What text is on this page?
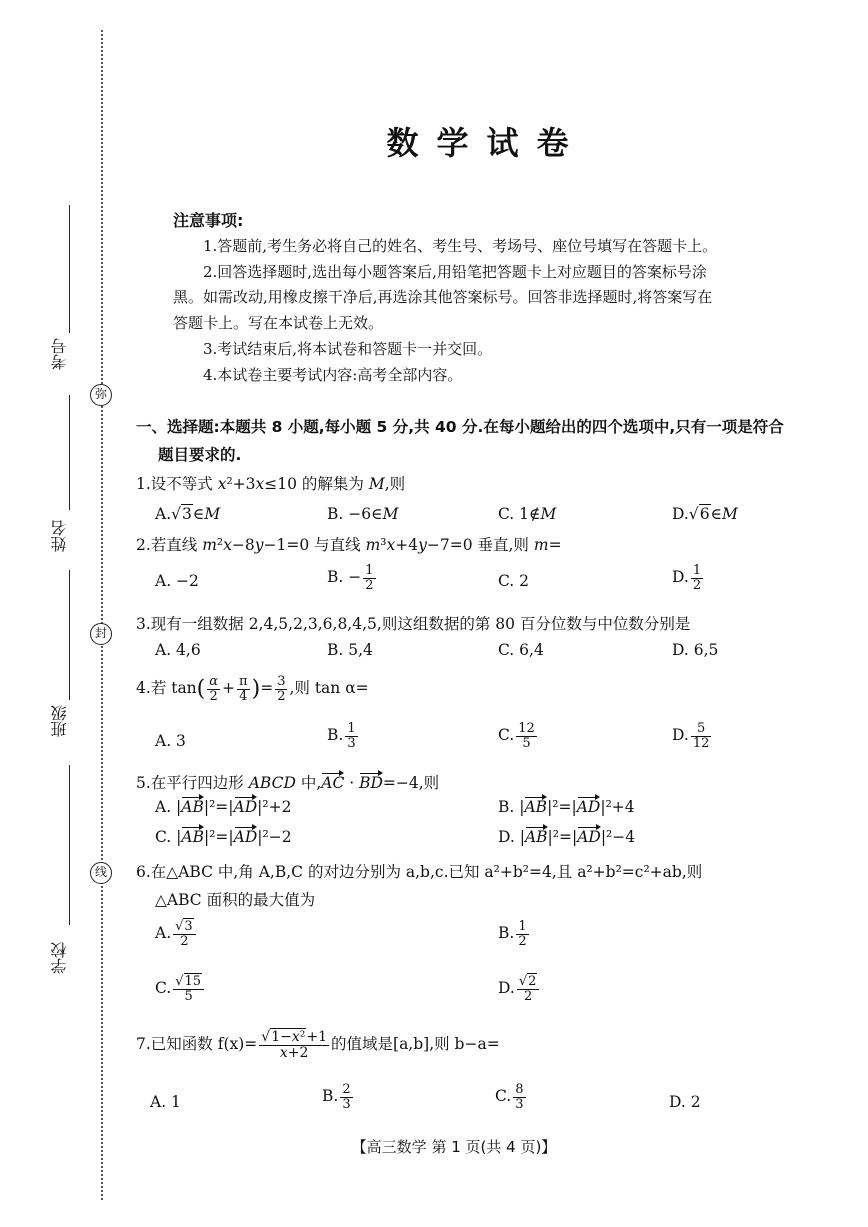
考号
姓名
班级
学校
弥
封
线
数学试卷
注意事项:
1.答题前,考生务必将自己的姓名、考生号、考场号、座位号填写在答题卡上。
2.回答选择题时,选出每小题答案后,用铅笔把答题卡上对应题目的答案标号涂
黑。如需改动,用橡皮擦干净后,再选涂其他答案标号。回答非选择题时,将答案写在
答题卡上。写在本试卷上无效。
3.考试结束后,将本试卷和答题卡一并交回。
4.本试卷主要考试内容:高考全部内容。
一、选择题:本题共 8 小题,每小题 5 分,共 40 分.在每小题给出的四个选项中,只有一项是符合
题目要求的.
1.设不等式 x²+3x≤10 的解集为 M,则
A.√3∈M	B. −6∈M	C. 1∉M	D.√6∈M
2.若直线 m²x−8y−1=0 与直线 m³x+4y−7=0 垂直,则 m=
A. −2	B. − $\frac{1}{2}$	C. 2	D. $\frac{1}{2}$
3.现有一组数据 2,4,5,2,3,6,8,4,5,则这组数据的第 80 百分位数与中位数分别是
A. 4,6	B. 5,4	C. 6,4	D. 6,5
4.若 $\tan( \frac{\alpha}{2} + \frac{\pi}{4}$ )= $\frac{3}{2}$ ,则 tan α=
A. 3	B. $\frac{1}{3}$	C. $\frac{12}{5}$	D. $\frac{5}{12}$
5.在平行四边形 ABCD 中,AC · BD=−4,则
A. |AB|²=|AD|²+2	B. |AB|²=|AD|²+4
C. |AB|²=|AD|²−2	D. |AB|²=|AD|²−4
6.在△ABC 中,角 A,B,C 的对边分别为 a,b,c.已知 a²+b²=4,且 a²+b²=c²+ab,则
△ABC 面积的最大值为
A. $\frac{√3}{2}$	B. $\frac{1}{2}$
C. $\frac{√15}{5}$	D. $\frac{√2}{2}$
7.已知函数 $f(x)= \frac{\text{√1−x²+1}}{x+2}$ 的值域是[a,b],则 b−a=
A. 1	B. $\frac{2}{3}$	C. $\frac{8}{3}$	D. 2
【高三数学 第 1 页(共 4 页)】
